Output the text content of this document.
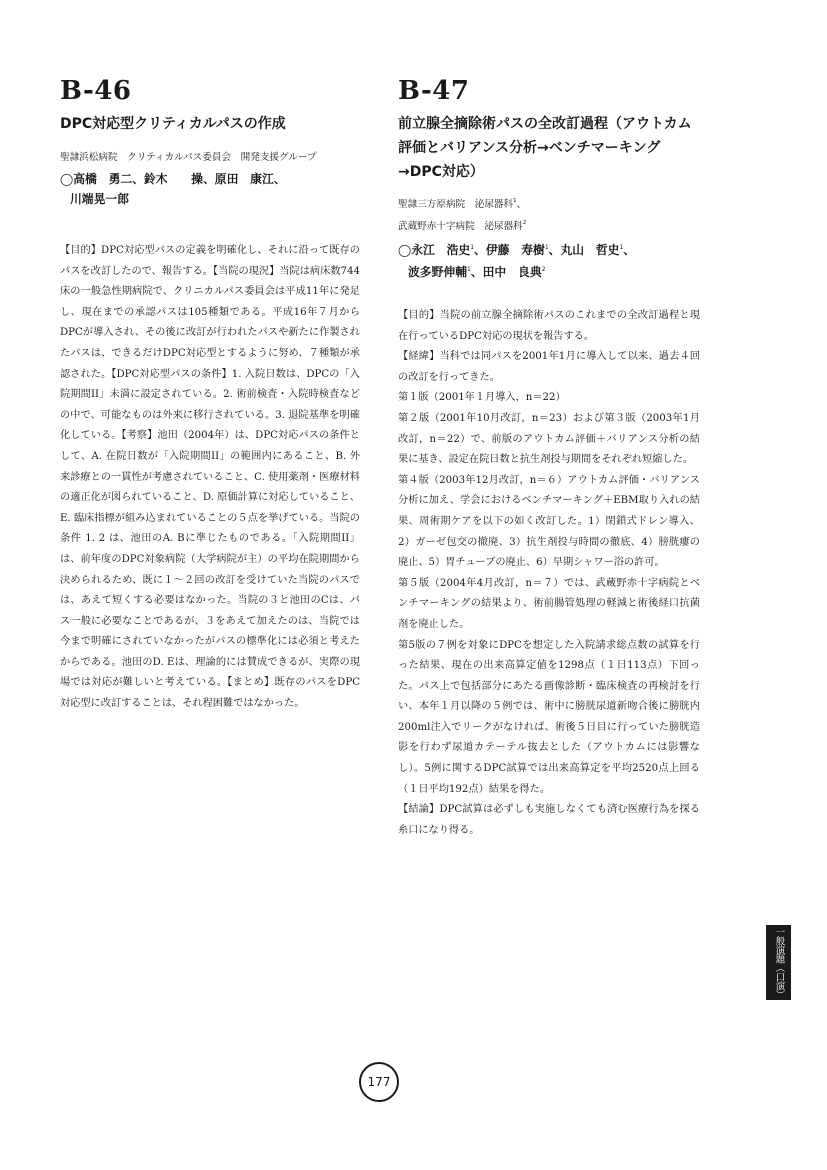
B-46
DPC対応型クリティカルパスの作成
聖隷浜松病院　クリティカルパス委員会　開発支援グループ
◯高橋　勇二、鈴木　　操、原田　康江、
川端晃一郎

【目的】DPC対応型パスの定義を明確化し、それに沿って既存のパスを改訂したので、報告する。【当院の現況】当院は病床数744床の一般急性期病院で、クリニカルパス委員会は平成11年に発足し、現在までの承認パスは105種類である。平成16年７月からDPCが導入され、その後に改訂が行われたパスや新たに作製されたパスは、できるだけDPC対応型とするように努め、７種類が承認された。【DPC対応型パスの条件】1. 入院日数は、DPCの「入院期間II」未満に設定されている。2. 術前検査・入院時検査などの中で、可能なものは外来に移行されている。3. 退院基準を明確化している。【考察】池田（2004年）は、DPC対応パスの条件として、A. 在院日数が「入院期間II」の範囲内にあること、B. 外来診療との一貫性が考慮されていること、C. 使用薬剤・医療材料の適正化が図られていること、D. 原価計算に対応していること、E. 臨床指標が組み込まれていることの５点を挙げている。当院の条件 1. 2 は、池田のA. Bに準じたものである。「入院期間II」は、前年度のDPC対象病院（大学病院が主）の平均在院期間から決められるため、既に１～２回の改訂を受けていた当院のパスでは、あえて短くする必要はなかった。当院の３と池田のCは、パス一般に必要なことであるが、３をあえて加えたのは、当院では今まで明確にされていなかったがパスの標準化には必須と考えたからである。池田のD. Eは、理論的には賛成できるが、実際の現場では対応が難しいと考えている。【まとめ】既存のパスをDPC対応型に改訂することは、それ程困難ではなかった。

B-47
前立腺全摘除術パスの全改訂過程（アウトカム評価とバリアンス分析→ベンチマーキング→DPC対応）
聖隷三方原病院　泌尿器科$^1$、
武蔵野赤十字病院　泌尿器科$^2$
◯永江　浩史$^1$、伊藤　寿樹$^1$、丸山　哲史$^1$、
波多野伸輔$^1$、田中　良典$^2$

【目的】当院の前立腺全摘除術パスのこれまでの全改訂過程と現在行っているDPC対応の現状を報告する。

【経緯】当科では同パスを2001年1月に導入して以来、過去４回の改訂を行ってきた。

第１版（2001年１月導入，n＝22）

第２版（2001年10月改訂，n＝23）および第３版（2003年1月改訂，n＝22）で、前版のアウトカム評価＋バリアンス分析の結果に基き、設定在院日数と抗生剤投与期間をそれぞれ短縮した。

第４版（2003年12月改訂，n＝６）アウトカム評価・バリアンス分析に加え、学会におけるベンチマーキング＋EBM取り入れの結果、周術期ケアを以下の如く改訂した。1）閉鎖式ドレン導入、2）ガーゼ包交の撤廃、3）抗生剤投与時間の徹底、4）膀胱瘻の廃止、5）胃チューブの廃止、6）早期シャワー浴の許可。

第５版（2004年4月改訂，n＝７）では、武蔵野赤十字病院とベンチマーキングの結果より、術前腸管処理の軽減と術後経口抗菌剤を廃止した。

第5版の７例を対象にDPCを想定した入院請求総点数の試算を行った結果、現在の出来高算定値を1298点（１日113点）下回った。パス上で包括部分にあたる画像診断・臨床検査の再検討を行い、本年１月以降の５例では、術中に膀胱尿道新吻合後に膀胱内200ml注入でリークがなければ、術後５日目に行っていた膀胱造影を行わず尿道カテーテル抜去とした（アウトカムには影響なし）。5例に関するDPC試算では出来高算定を平均2520点上回る（１日平均192点）結果を得た。

【結論】DPC試算は必ずしも実施しなくても済む医療行為を探る糸口になり得る。

一般演題（口演）
177
